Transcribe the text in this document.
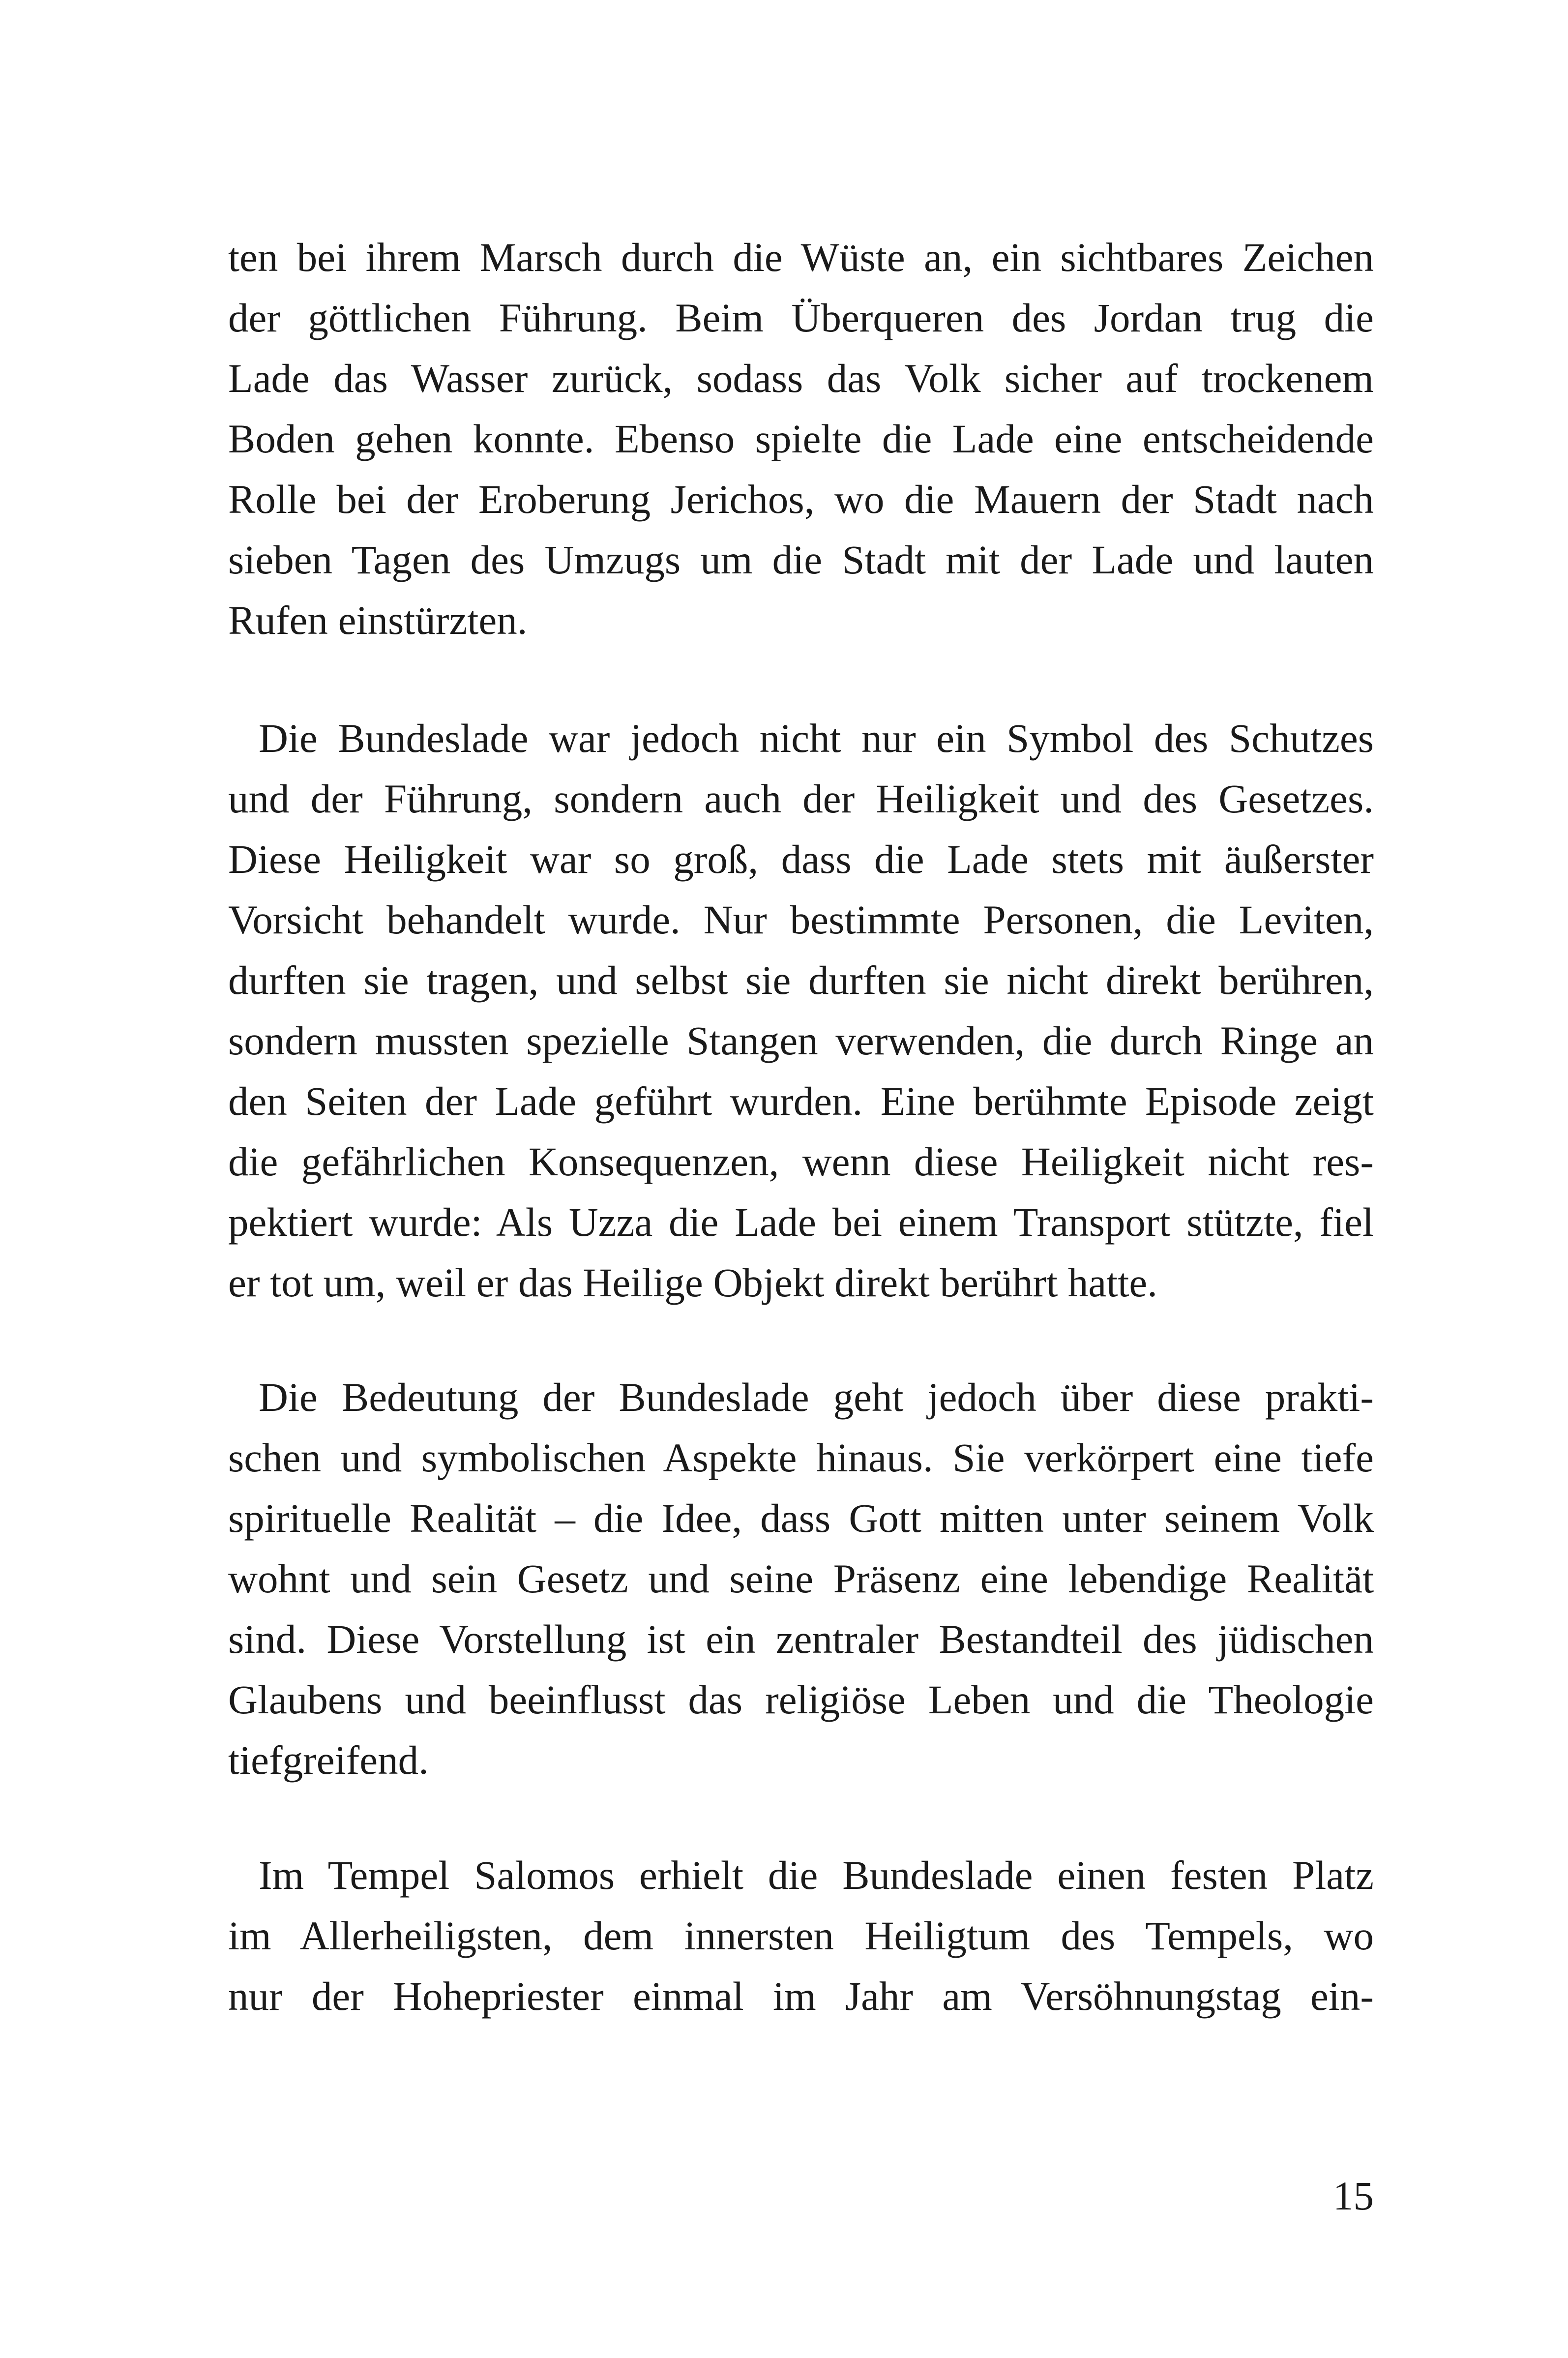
ten bei ihrem Marsch durch die Wüste an, ein sichtbares Zeichen
der göttlichen Führung. Beim Überqueren des Jordan trug die
Lade das Wasser zurück, sodass das Volk sicher auf trockenem
Boden gehen konnte. Ebenso spielte die Lade eine entscheidende
Rolle bei der Eroberung Jerichos, wo die Mauern der Stadt nach
sieben Tagen des Umzugs um die Stadt mit der Lade und lauten
Rufen einstürzten.
Die Bundeslade war jedoch nicht nur ein Symbol des Schutzes
und der Führung, sondern auch der Heiligkeit und des Gesetzes.
Diese Heiligkeit war so groß, dass die Lade stets mit äußerster
Vorsicht behandelt wurde. Nur bestimmte Personen, die Leviten,
durften sie tragen, und selbst sie durften sie nicht direkt berühren,
sondern mussten spezielle Stangen verwenden, die durch Ringe an
den Seiten der Lade geführt wurden. Eine berühmte Episode zeigt
die gefährlichen Konsequenzen, wenn diese Heiligkeit nicht res-
pektiert wurde: Als Uzza die Lade bei einem Transport stützte, fiel
er tot um, weil er das Heilige Objekt direkt berührt hatte.
Die Bedeutung der Bundeslade geht jedoch über diese prakti-
schen und symbolischen Aspekte hinaus. Sie verkörpert eine tiefe
spirituelle Realität – die Idee, dass Gott mitten unter seinem Volk
wohnt und sein Gesetz und seine Präsenz eine lebendige Realität
sind. Diese Vorstellung ist ein zentraler Bestandteil des jüdischen
Glaubens und beeinflusst das religiöse Leben und die Theologie
tiefgreifend.
Im Tempel Salomos erhielt die Bundeslade einen festen Platz
im Allerheiligsten, dem innersten Heiligtum des Tempels, wo
nur der Hohepriester einmal im Jahr am Versöhnungstag ein-
15
